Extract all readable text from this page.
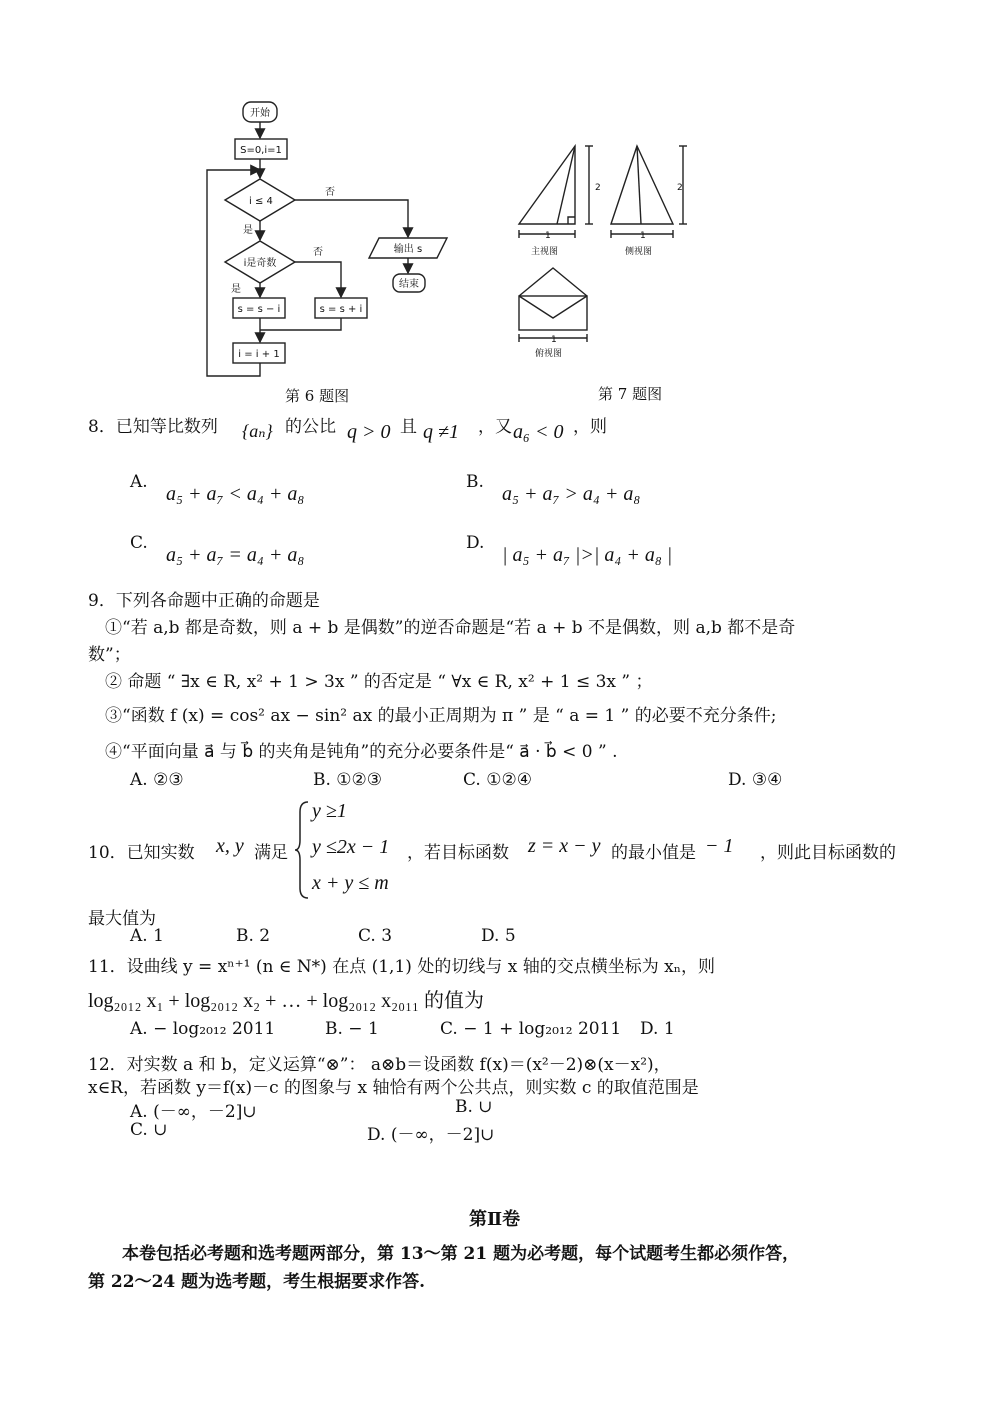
开始
S=0,i=1
i ≤ 4
是
否
i是奇数
是
否
s = s − i	s = s + i
i = i + 1
输出 s
结束
第 6 题图
2	2
1	1
1
主视图	侧视图
俯视图
第 7 题图
8．已知等比数列 {aₙ} 的公比 q > 0 且 q ≠1 ，又 a₆ < 0 ，则
A.
a₅ + a₇ < a₄ + a₈
B.
a₅ + a₇ > a₄ + a₈
C.
a₅ + a₇ = a₄ + a₈
D.
| a₅ + a₇ |>| a₄ + a₈ |
9．下列各命题中正确的命题是
①“若 a,b 都是奇数，则 a + b 是偶数”的逆否命题是“若 a + b 不是偶数，则 a,b 都不是奇
数”；
② 命题 “ ∃x ∈ R, x² + 1 > 3x ” 的否定是 “ ∀x ∈ R, x² + 1 ≤ 3x ” ；
③“函数 f (x) = cos² ax − sin² ax 的最小正周期为 π ” 是 “ a = 1 ” 的必要不充分条件;
④“平面向量 a⃗ 与 b⃗ 的夹角是钝角”的充分必要条件是“ a⃗ · b⃗ < 0 ” .
A. ②③	B. ①②③	C. ①②④	D. ③④
y ≥1
y ≤2x − 1
x + y ≤ m
10．已知实数 x, y 满足	，若目标函数 z = x − y 的最小值是 − 1 ，则此目标函数的
最大值为
A. 1	B. 2	C. 3	D. 5
11．设曲线 y = xⁿ⁺¹ (n ∈ N*) 在点 (1,1) 处的切线与 x 轴的交点横坐标为 xₙ，则
log₂₀₁₂ x₁ + log₂₀₁₂ x₂ + … + log₂₀₁₂ x₂₀₁₁ 的值为
A. − log₂₀₁₂ 2011	B. − 1	C. − 1 + log₂₀₁₂ 2011 D. 1
12．对实数 a 和 b，定义运算“⊗”： a⊗b＝设函数 f(x)＝(x²－2)⊗(x－x²)，
x∈R，若函数 y＝f(x)－c 的图象与 x 轴恰有两个公共点，则实数 c 的取值范围是
A. (－∞，－2]∪	B. ∪
C. ∪	D. (－∞，－2]∪
第Ⅱ卷
本卷包括必考题和选考题两部分，第 13～第 21 题为必考题，每个试题考生都必须作答，
第 22～24 题为选考题，考生根据要求作答.
